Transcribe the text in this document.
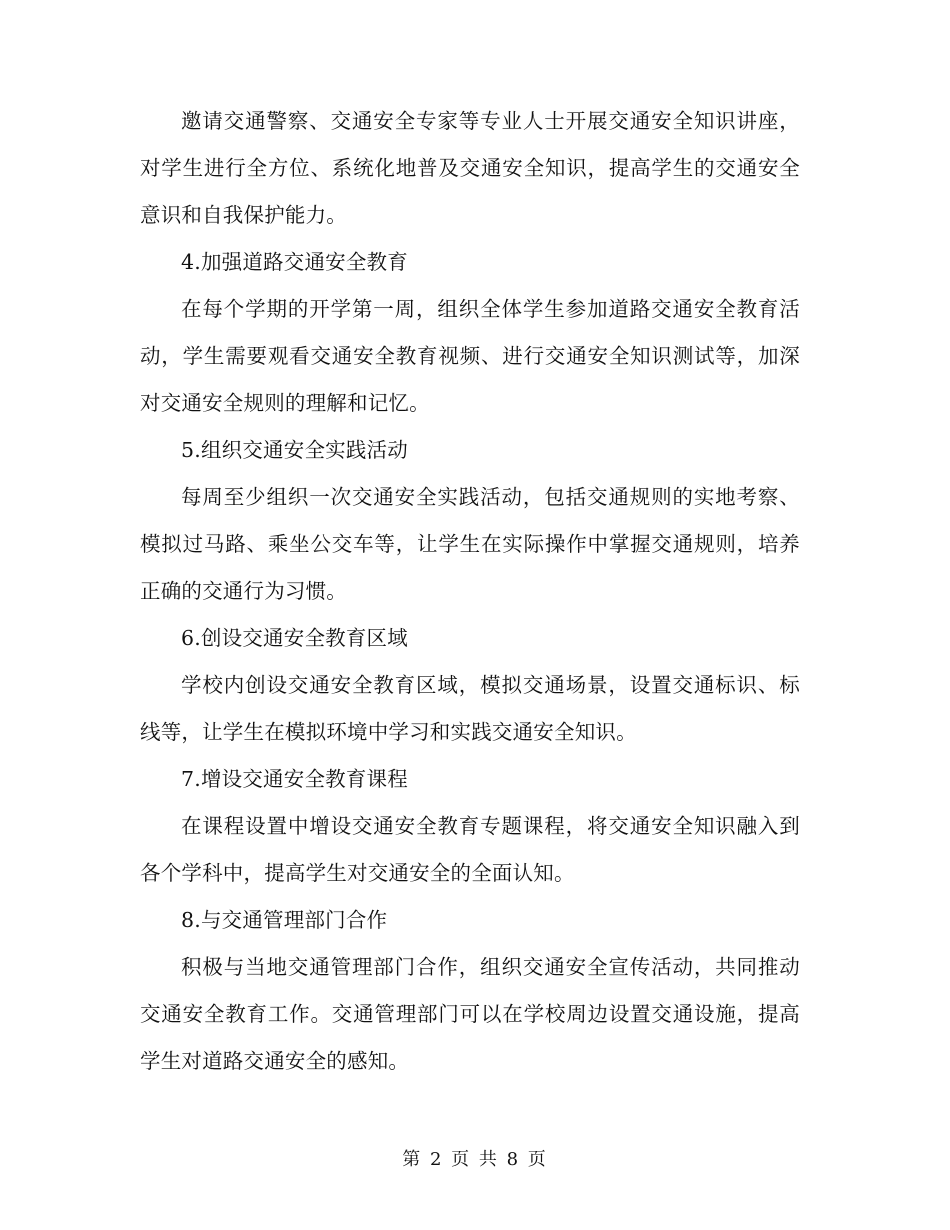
邀请交通警察、交通安全专家等专业人士开展交通安全知识讲座，对学生进行全方位、系统化地普及交通安全知识，提高学生的交通安全意识和自我保护能力。

4.加强道路交通安全教育

在每个学期的开学第一周，组织全体学生参加道路交通安全教育活动，学生需要观看交通安全教育视频、进行交通安全知识测试等，加深对交通安全规则的理解和记忆。

5.组织交通安全实践活动

每周至少组织一次交通安全实践活动，包括交通规则的实地考察、模拟过马路、乘坐公交车等，让学生在实际操作中掌握交通规则，培养正确的交通行为习惯。

6.创设交通安全教育区域

学校内创设交通安全教育区域，模拟交通场景，设置交通标识、标线等，让学生在模拟环境中学习和实践交通安全知识。

7.增设交通安全教育课程

在课程设置中增设交通安全教育专题课程，将交通安全知识融入到各个学科中，提高学生对交通安全的全面认知。

8.与交通管理部门合作

积极与当地交通管理部门合作，组织交通安全宣传活动，共同推动交通安全教育工作。交通管理部门可以在学校周边设置交通设施，提高学生对道路交通安全的感知。

第 2 页 共 8 页
